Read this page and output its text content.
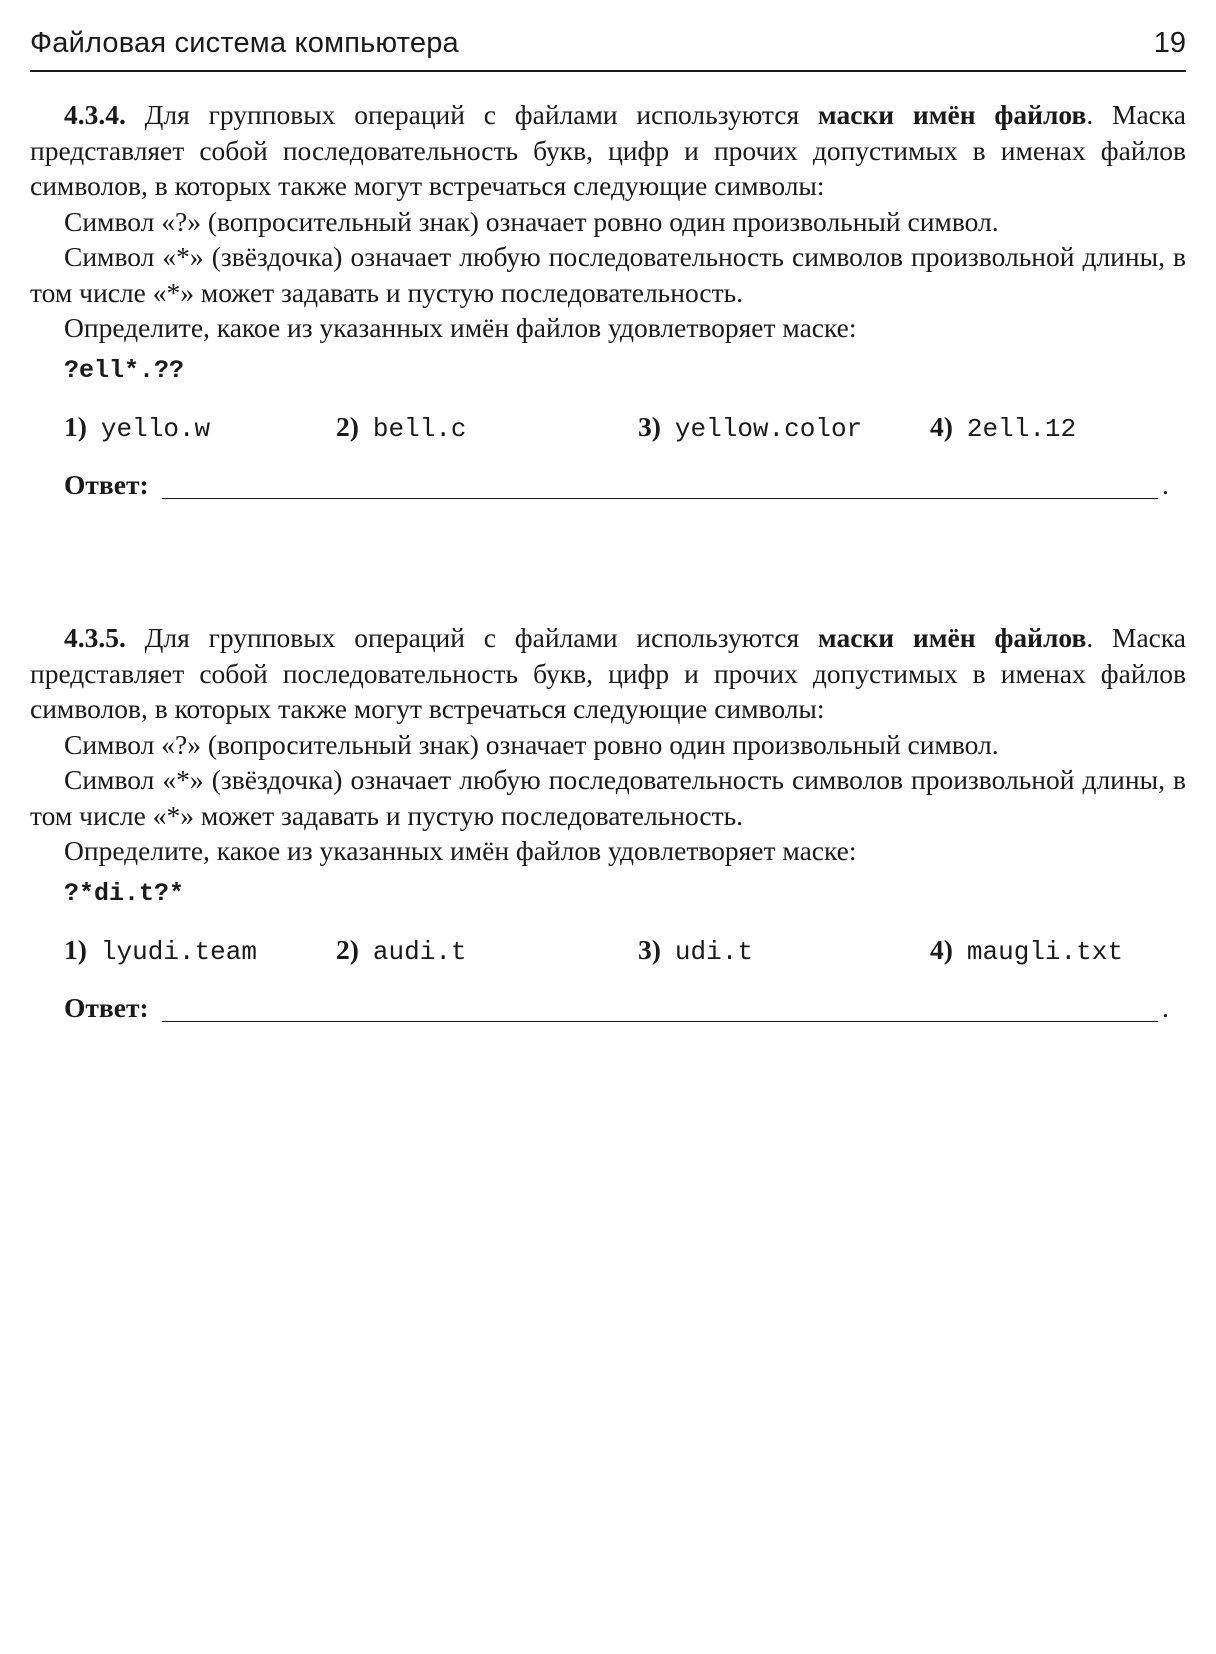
Файловая система компьютера	19

4.3.4. Для групповых операций с файлами используются маски имён файлов. Маска представляет собой последовательность букв, цифр и прочих допустимых в именах файлов символов, в которых также могут встречаться следующие символы:

Символ «?» (вопросительный знак) означает ровно один произвольный символ.

Символ «*» (звёздочка) означает любую последовательность символов произвольной длины, в том числе «*» может задавать и пустую последовательность.

Определите, какое из указанных имён файлов удовлетворяет маске:

?ell*.??
1) yello.w	2) bell.c	3) yellow.color 4) 2ell.12
Ответ:	.

4.3.5. Для групповых операций с файлами используются маски имён файлов. Маска представляет собой последовательность букв, цифр и прочих допустимых в именах файлов символов, в которых также могут встречаться следующие символы:

Символ «?» (вопросительный знак) означает ровно один произвольный символ.

Символ «*» (звёздочка) означает любую последовательность символов произвольной длины, в том числе «*» может задавать и пустую последовательность.

Определите, какое из указанных имён файлов удовлетворяет маске:

?*di.t?*
1) lyudi.team	2) audi.t	3) udi.t	4) maugli.txt
Ответ:	.
